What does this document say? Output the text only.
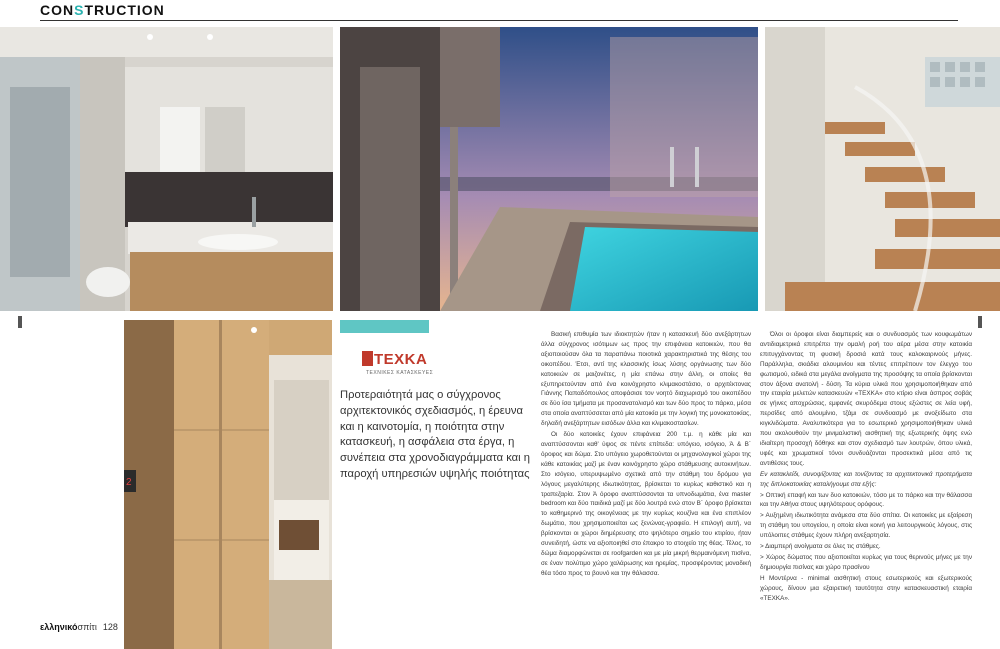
CONSTRUCTION
2
ΤΕΧΚΑ
ΤΕΧΝΙΚΕΣ ΚΑΤΑΣΚΕΥΕΣ
Προτεραιότητά μας ο σύγχρονος αρχιτεκτονικός σχεδιασμός, η έρευνα και η καινοτομία, η ποιότητα στην κατασκευή, η ασφάλεια στα έργα, η συνέπεια στα χρονοδιαγράμματα και η παροχή υπηρεσιών υψηλής ποιότητας

Βασική επιθυμία των ιδιοκτητών ήταν η κατασκευή δύο ανεξάρτητων άλλα σύγχρονος ισότιμων ως προς την επιφάνεια κατοικιών, που θα αξιοποιούσαν όλα τα παραπάνω ποιοτικά χαρακτηριστικά της θέσης του οικοπέδου. Έτσι, αντί της κλασσικής ίσως λύσης οργάνωσης των δύο κατοικιών σε μαιζονέτες, η μία επάνω στην άλλη, οι οποίες θα εξυπηρετούνταν από ένα κοινόχρηστο κλιμακοστάσιο, ο αρχιτέκτονας Γιάννης Παπαδόπουλος αποφάσισε τον νοητό διαχωρισμό του οικοπέδου σε δύο ίσα τμήματα με προσανατολισμό και των δύο προς το πάρκο, μέσα στα οποία αναπτύσσεται από μία κατοικία με την λογική της μονοκατοικίας, δηλαδή ανεξάρτητων εισόδων άλλα και κλιμακοστασίων.

Οι δύο κατοικίες έχουν επιφάνεια 200 τ.μ. η κάθε μία και αναπτύσσονται καθ' ύψος σε πέντε επίπεδα: υπόγειο, ισόγειο, Ά & Β΄ όροφος και δώμα. Στο υπόγειο χωροθετούνται οι μηχανολογικοί χώροι της κάθε κατοικίας μαζί με έναν κοινόχρηστο χώρο στάθμευσης αυτοκινήτων. Στο ισόγειο, υπερυψωμένο σχετικά από την στάθμη του δρόμου για λόγους μεγαλύτερης ιδιωτικότητας, βρίσκεται το κυρίως καθιστικό και η τραπεζαρία. Στον Ά όροφο αναπτύσσονται τα υπνοδωμάτια, ένα master bedroom και δύο παιδικά μαζί με δύο λουτρά ενώ στον Β΄ όροφο βρίσκεται το καθημερινό της οικογένειας με την κυρίως κουζίνα και ένα επιπλέον δωμάτιο, που χρησιμοποιείται ως ξενώνας-γραφείο. Η επιλογή αυτή, να βρίσκονται οι χώροι διημέρευσης στο ψηλότερο σημείο του κτιρίου, ήταν συνειδητή, ώστε να αξιοποιηθεί στο έπακρο το στοιχείο της θέας. Τέλος, το δώμα διαμορφώνεται σε roofgarden και με μία μικρή θερμαινόμενη πισίνα, σε έναν πολύτιμο χώρο χαλάρωσης και ηρεμίας, προσφέροντας μοναδική θέα τόσο προς το βουνό και την θάλασσα.

Όλοι οι όροφοι είναι διαμπερείς και ο συνδυασμός των κουφωμάτων αντιδιαμετρικά επιτρέπει την ομαλή ροή του αέρα μέσα στην κατοικία επιτυγχάνοντας τη φυσική δροσιά κατά τους καλοκαιρινούς μήνες. Παράλληλα, σκιάδια αλουμινίου και τέντες επιτρέπουν τον έλεγχο του φωτισμού, ειδικά στα μεγάλα ανοίγματα της προσόψης τα οποία βρίσκονται στον άξονα ανατολή - δύση. Τα κύρια υλικά που χρησιμοποιήθηκαν από την εταιρία μελετών κατασκευών «ΤΕΧΚΑ» στο κτίριο είναι άσπρος σοβάς σε γήινες αποχρώσεις, εμφανές σκυρόδεμα στους εξώστες σε λεία υφή, περσίδες από αλουμίνιο, τζάμι σε συνδυασμό με ανοξείδωτο στα κιγκλιδώματα. Αναλυτικότερα για το εσωτερικό χρησιμοποιήθηκαν υλικά που ακολουθούν την μινιμαλιστική αισθητική της εξωτερικής όψης ενώ ιδιαίτερη προσοχή δόθηκε και στον σχεδιασμό των λουτρών, όπου υλικά, υφές και χρωματικοί τόνοι συνδυάζονται προσεκτικά μέσα από τις αντιθέσεις τους.

Εν κατακλείδι, συνοψίζοντας και τονίζοντας τα αρχιτεκτονικά προτερήματα της διπλοκατοικίας καταλήγουμε στα εξής:

> Οπτική επαφή και των δυο κατοικιών, τόσο με το πάρκο και την θάλασσα και την Αθήνα στους υψηλότερους ορόφους.

> Αυξημένη ιδιωτικότητα ανάμεσα στα δύο σπίτια. Οι κατοικίες με εξαίρεση τη στάθμη του υπογείου, η οποία είναι κοινή για λειτουργικούς λόγους, στις υπόλοιπες στάθμες έχουν πλήρη ανεξαρτησία.

> Διαμπερή ανοίγματα σε όλες τις στάθμες.

> Χώρος δώματος που αξιοποιείται κυρίως για τους θερινούς μήνες με την δημιουργία πισίνας και χώρο πρασίνου

Η Μοντέρνα - minimal αισθητική στους εσωτερικούς και εξωτερικούς χώρους, δίνουν μια εξαιρετική ταυτότητα στην κατασκευαστική εταιρία «ΤΕΧΚΑ».

ελληνικόσπίτι 128
